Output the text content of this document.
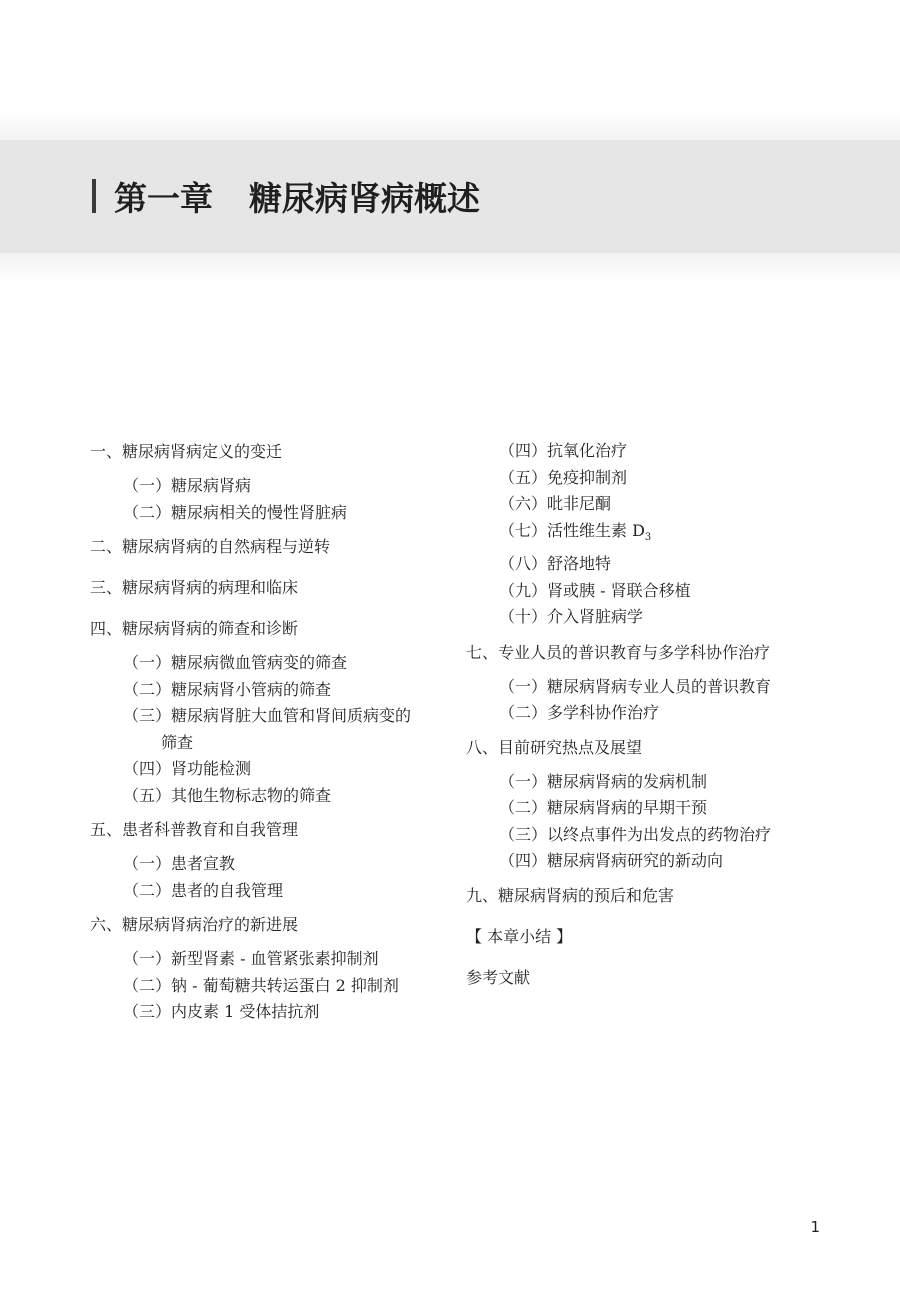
第一章 糖尿病肾病概述
一、糖尿病肾病定义的变迁
（一）糖尿病肾病
（二）糖尿病相关的慢性肾脏病
二、糖尿病肾病的自然病程与逆转
三、糖尿病肾病的病理和临床
四、糖尿病肾病的筛查和诊断
（一）糖尿病微血管病变的筛查
（二）糖尿病肾小管病的筛查
（三）糖尿病肾脏大血管和肾间质病变的
筛查
（四）肾功能检测
（五）其他生物标志物的筛查
五、患者科普教育和自我管理
（一）患者宣教
（二）患者的自我管理
六、糖尿病肾病治疗的新进展
（一）新型肾素 - 血管紧张素抑制剂
（二）钠 - 葡萄糖共转运蛋白 2 抑制剂
（三）内皮素 1 受体拮抗剂
（四）抗氧化治疗
（五）免疫抑制剂
（六）吡非尼酮
（七）活性维生素 $D_3$
（八）舒洛地特
（九）肾或胰 - 肾联合移植
（十）介入肾脏病学
七、专业人员的普识教育与多学科协作治疗
（一）糖尿病肾病专业人员的普识教育
（二）多学科协作治疗
八、目前研究热点及展望
（一）糖尿病肾病的发病机制
（二）糖尿病肾病的早期干预
（三）以终点事件为出发点的药物治疗
（四）糖尿病肾病研究的新动向
九、糖尿病肾病的预后和危害
【 本章小结 】
参考文献
1
